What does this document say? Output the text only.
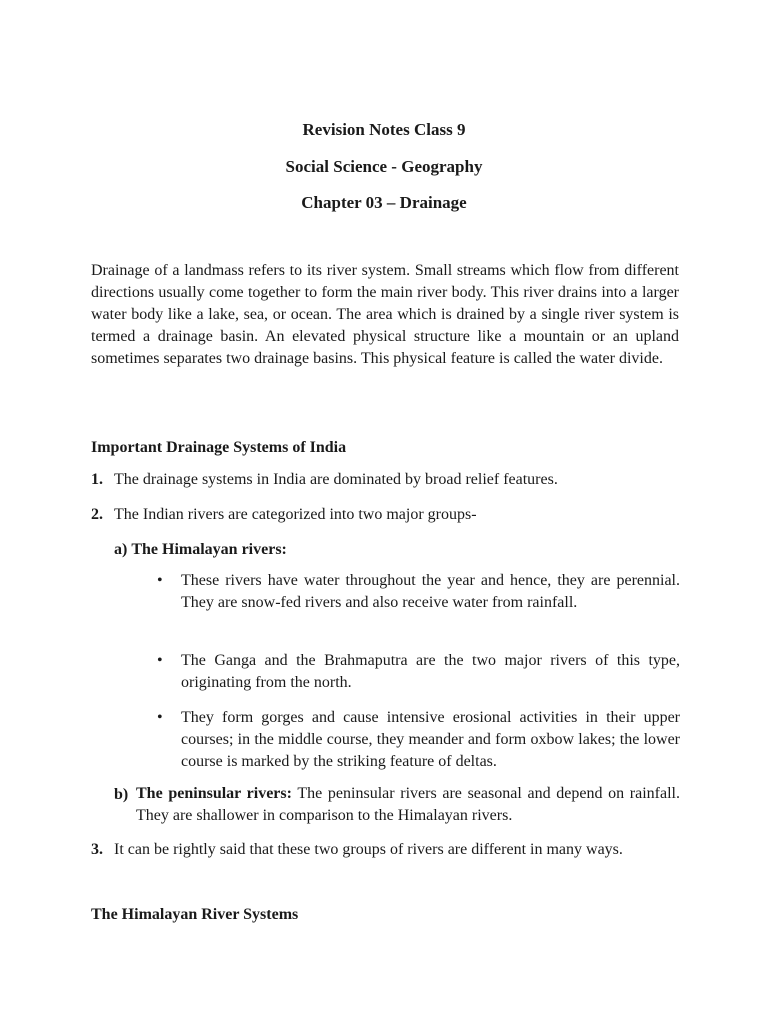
Revision Notes Class 9
Social Science - Geography
Chapter 03 – Drainage
Drainage of a landmass refers to its river system. Small streams which flow from different directions usually come together to form the main river body. This river drains into a larger water body like a lake, sea, or ocean. The area which is drained by a single river system is termed a drainage basin. An elevated physical structure like a mountain or an upland sometimes separates two drainage basins. This physical feature is called the water divide.
Important Drainage Systems of India
1. The drainage systems in India are dominated by broad relief features.
2. The Indian rivers are categorized into two major groups-
a) The Himalayan rivers:
• These rivers have water throughout the year and hence, they are perennial. They are snow-fed rivers and also receive water from rainfall.
• The Ganga and the Brahmaputra are the two major rivers of this type, originating from the north.
• They form gorges and cause intensive erosional activities in their upper courses; in the middle course, they meander and form oxbow lakes; the lower course is marked by the striking feature of deltas.
b) The peninsular rivers: The peninsular rivers are seasonal and depend on rainfall. They are shallower in comparison to the Himalayan rivers.
3. It can be rightly said that these two groups of rivers are different in many ways.
The Himalayan River Systems
